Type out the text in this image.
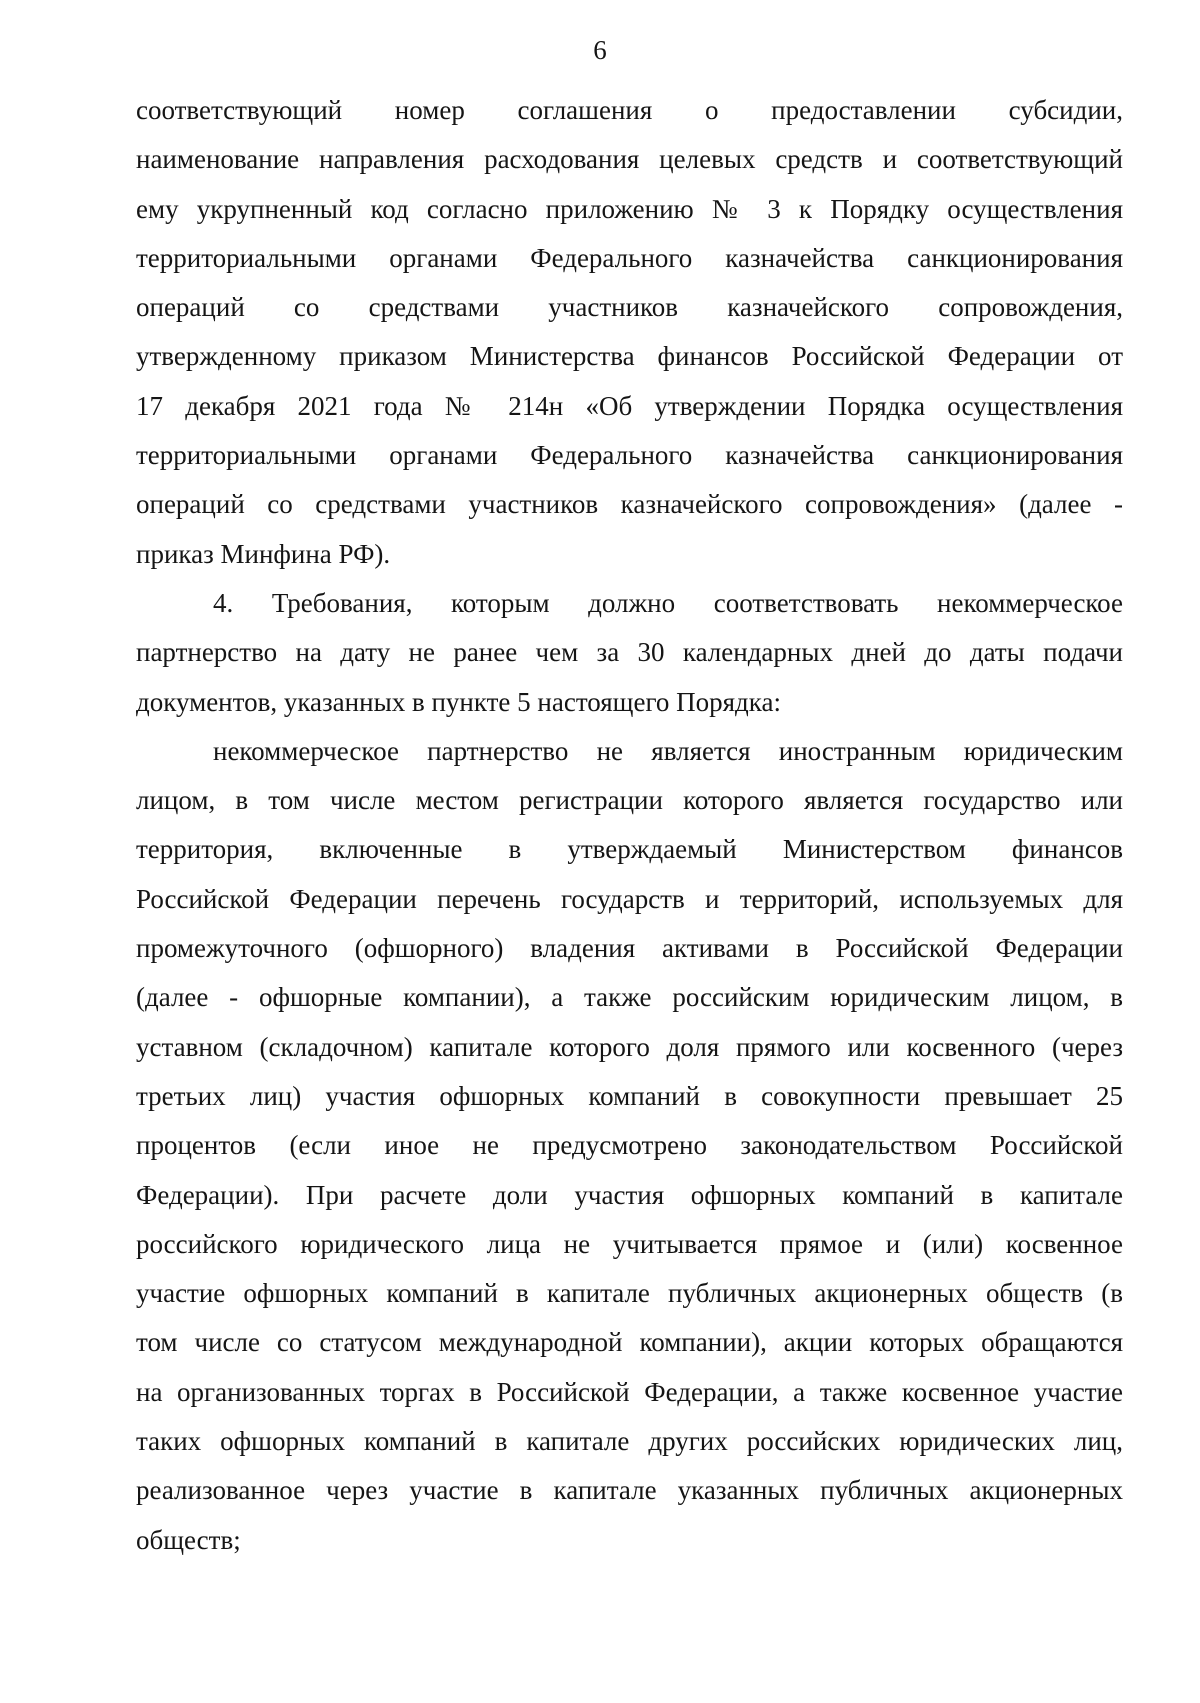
6
соответствующий номер соглашения о предоставлении субсидии,
наименование направления расходования целевых средств и соответствующий
ему укрупненный код согласно приложению № 3 к Порядку осуществления
территориальными органами Федерального казначейства санкционирования
операций со средствами участников казначейского сопровождения,
утвержденному приказом Министерства финансов Российской Федерации от
17 декабря 2021 года № 214н «Об утверждении Порядка осуществления
территориальными органами Федерального казначейства санкционирования
операций со средствами участников казначейского сопровождения» (далее -
приказ Минфина РФ).
4. Требования, которым должно соответствовать некоммерческое
партнерство на дату не ранее чем за 30 календарных дней до даты подачи
документов, указанных в пункте 5 настоящего Порядка:
некоммерческое партнерство не является иностранным юридическим
лицом, в том числе местом регистрации которого является государство или
территория, включенные в утверждаемый Министерством финансов
Российской Федерации перечень государств и территорий, используемых для
промежуточного (офшорного) владения активами в Российской Федерации
(далее - офшорные компании), а также российским юридическим лицом, в
уставном (складочном) капитале которого доля прямого или косвенного (через
третьих лиц) участия офшорных компаний в совокупности превышает 25
процентов (если иное не предусмотрено законодательством Российской
Федерации). При расчете доли участия офшорных компаний в капитале
российского юридического лица не учитывается прямое и (или) косвенное
участие офшорных компаний в капитале публичных акционерных обществ (в
том числе со статусом международной компании), акции которых обращаются
на организованных торгах в Российской Федерации, а также косвенное участие
таких офшорных компаний в капитале других российских юридических лиц,
реализованное через участие в капитале указанных публичных акционерных
обществ;
